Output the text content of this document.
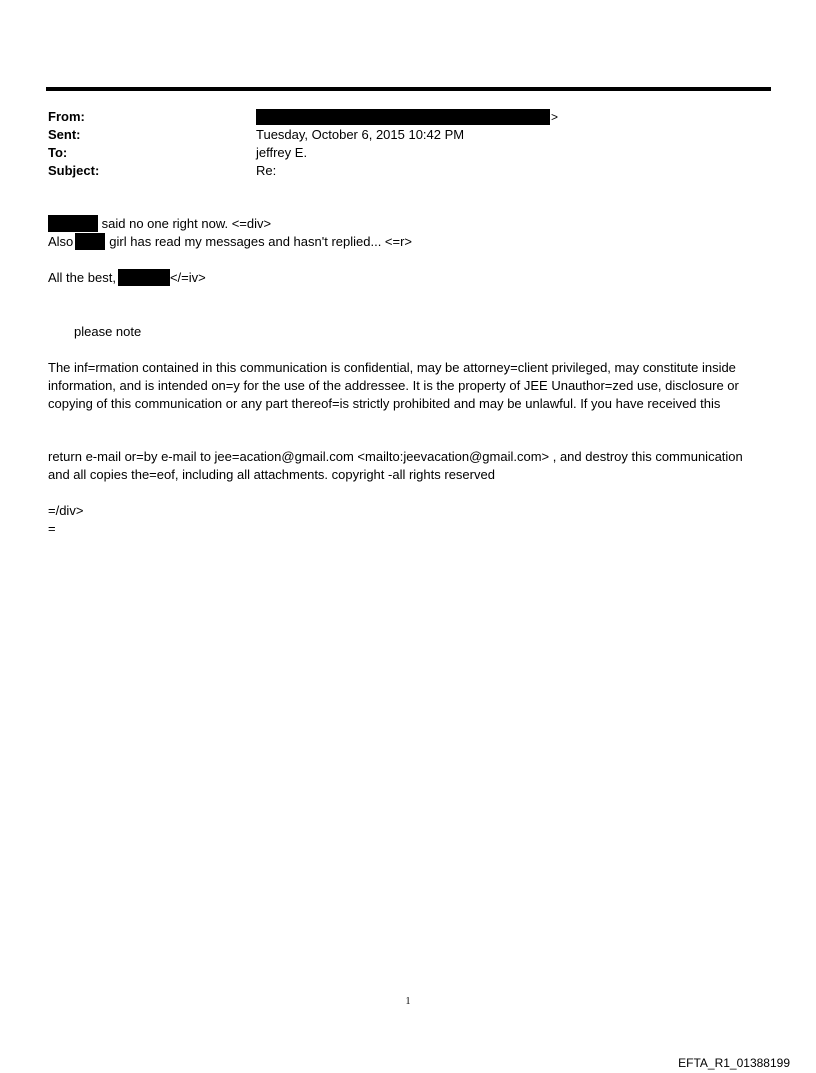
From:	>
Sent:	Tuesday, October 6, 2015 10:42 PM
To:	jeffrey E.
Subject:	Re:
said no one right now. <=div>
Also	girl has read my messages and hasn't replied... <=r>
All the best,	</=iv>
please note
The inf=rmation contained in this communication is confidential, may be attorney=client privileged, may constitute inside information, and is intended on=y for the use of the addressee. It is the property of JEE Unauthor=zed use, disclosure or copying of this communication or any part thereof=is strictly prohibited and may be unlawful. If you have received this
return e-mail or=by e-mail to jee=acation@gmail.com <mailto:jeevacation@gmail.com> , and destroy this communication and all copies the=eof, including all attachments. copyright -all rights reserved
=/div>
=
1
EFTA_R1_01388199
